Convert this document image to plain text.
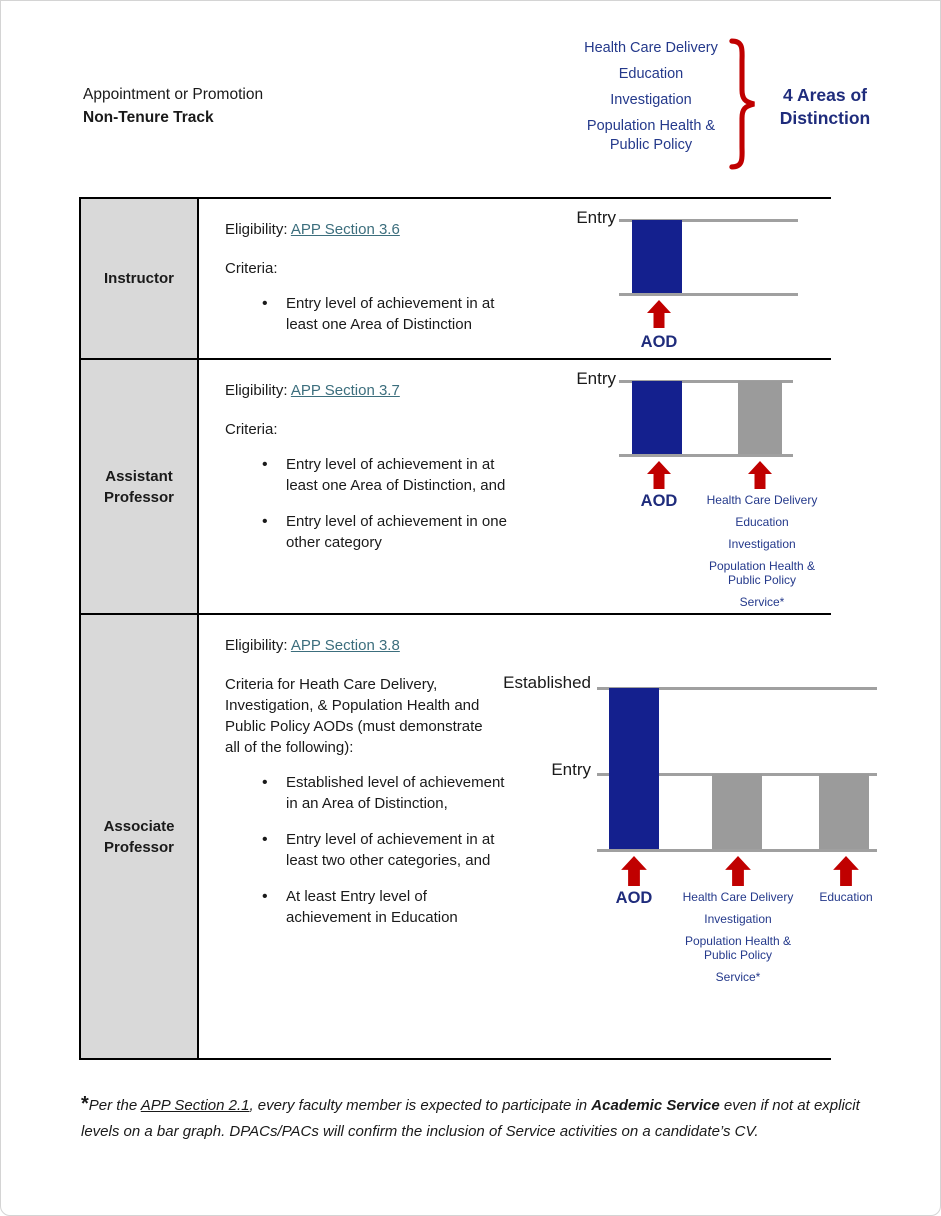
Appointment or Promotion
Non-Tenure Track
Health Care Delivery
Education
Investigation
Population Health & Public Policy
4 Areas of Distinction
Instructor
Eligibility: APP Section 3.6
Criteria:
• Entry level of achievement in at least one Area of Distinction
Entry
AOD
Assistant Professor
Eligibility: APP Section 3.7
Criteria:
• Entry level of achievement in at least one Area of Distinction, and
• Entry level of achievement in one other category
Entry
AOD	Health Care Delivery
Education
Investigation
Population Health & Public Policy
Service*
Associate Professor
Eligibility: APP Section 3.8
Criteria for Heath Care Delivery, Investigation, & Population Health and Public Policy AODs (must demonstrate all of the following):
• Established level of achievement in an Area of Distinction,
• Entry level of achievement in at least two other categories, and
• At least Entry level of achievement in Education
Established
Entry
AOD	Health Care Delivery
Investigation
Population Health & Public Policy
Service*
Education
*Per the APP Section 2.1, every faculty member is expected to participate in Academic Service even if not at explicit levels on a bar graph. DPACs/PACs will confirm the inclusion of Service activities on a candidate’s CV.
